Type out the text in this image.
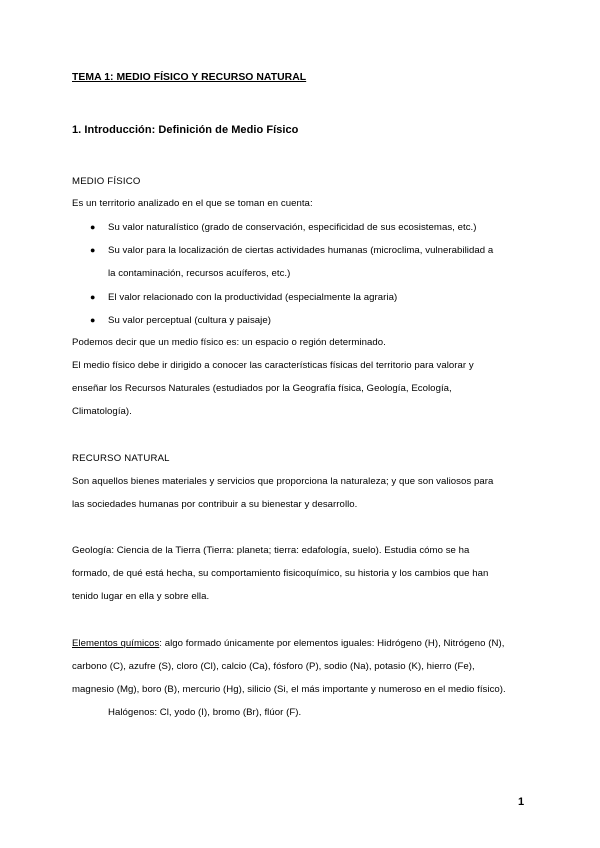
TEMA 1: MEDIO FÍSICO Y RECURSO NATURAL
1. Introducción: Definición de Medio Físico
MEDIO FÍSICO
Es un territorio analizado en el que se toman en cuenta:
● Su valor naturalístico (grado de conservación, especificidad de sus ecosistemas, etc.)
● Su valor para la localización de ciertas actividades humanas (microclima, vulnerabilidad a
la contaminación, recursos acuíferos, etc.)
● El valor relacionado con la productividad (especialmente la agraria)
● Su valor perceptual (cultura y paisaje)
Podemos decir que un medio físico es: un espacio o región determinado.
El medio físico debe ir dirigido a conocer las características físicas del territorio para valorar y
enseñar los Recursos Naturales (estudiados por la Geografía física, Geología, Ecología,
Climatología).
RECURSO NATURAL
Son aquellos bienes materiales y servicios que proporciona la naturaleza; y que son valiosos para
las sociedades humanas por contribuir a su bienestar y desarrollo.
Geología: Ciencia de la Tierra (Tierra: planeta; tierra: edafología, suelo). Estudia cómo se ha
formado, de qué está hecha, su comportamiento fisicoquímico, su historia y los cambios que han
tenido lugar en ella y sobre ella.
Elementos químicos: algo formado únicamente por elementos iguales: Hidrógeno (H), Nitrógeno (N),
carbono (C), azufre (S), cloro (Cl), calcio (Ca), fósforo (P), sodio (Na), potasio (K), hierro (Fe),
magnesio (Mg), boro (B), mercurio (Hg), silicio (Si, el más importante y numeroso en el medio físico).
Halógenos: Cl, yodo (I), bromo (Br), flúor (F).
1
